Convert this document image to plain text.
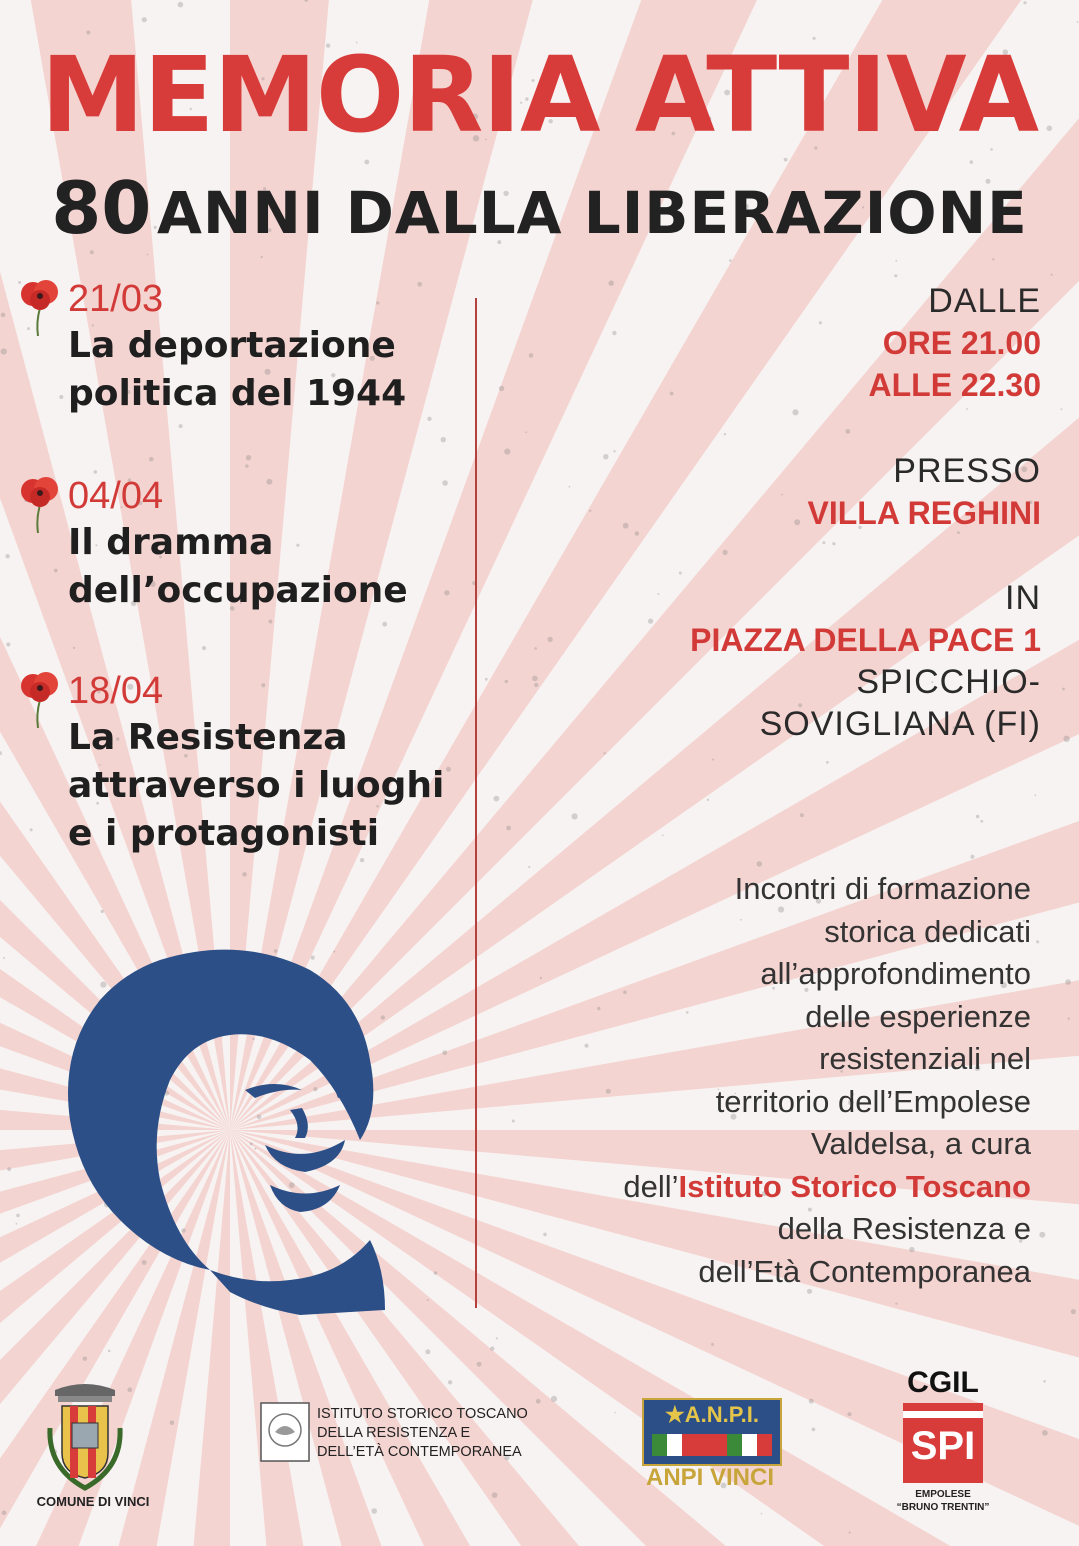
MEMORIA ATTIVA
80 ANNI DALLA LIBERAZIONE
21/03
La deportazione
politica del 1944
04/04
Il dramma
dell’occupazione
18/04
La Resistenza
attraverso i luoghi
e i protagonisti
DALLE
ORE 21.00
ALLE 22.30
PRESSO
VILLA REGHINI
IN
PIAZZA DELLA PACE 1
SPICCHIO-
SOVIGLIANA (FI)
Incontri di formazione
storica dedicati
all’approfondimento
delle esperienze
resistenziali nel
territorio dell’Empolese
Valdelsa, a cura
dell’Istituto Storico Toscano
della Resistenza e
dell’Età Contemporanea
COMUNE DI VINCI
ISTITUTO STORICO TOSCANO
DELLA RESISTENZA E
DELL’ETÀ CONTEMPORANEA
★A.N.P.I.
ANPI VINCI
CGIL
SPI
EMPOLESE
“BRUNO TRENTIN”
